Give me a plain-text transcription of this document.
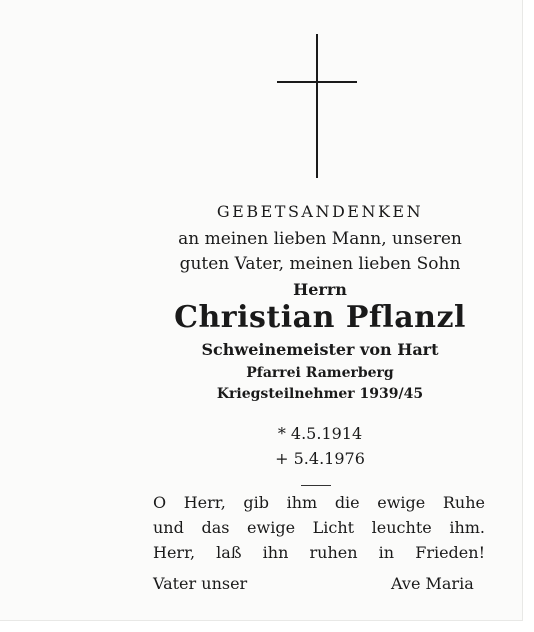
GEBETSANDENKEN
an meinen lieben Mann, unseren
guten Vater, meinen lieben Sohn
Herrn
Christian Pflanzl
Schweinemeister von Hart
Pfarrei Ramerberg
Kriegsteilnehmer 1939/45
* 4.5.1914
+ 5.4.1976
O Herr, gib ihm die ewige Ruhe
und das ewige Licht leuchte ihm.
Herr, laß ihn ruhen in Frieden!
Vater unser	Ave Maria
